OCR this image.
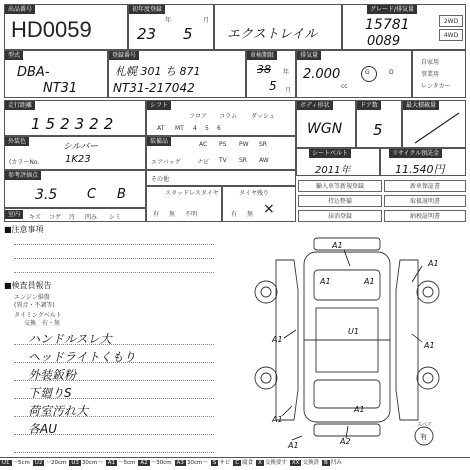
出品番号
HD0059
初年度登録
年	月
23 5	エクストレイル
グレード/排気量
15781
0089
2WD
4WD
型式
DBA-
NT31
登録番号
札幌 301 ち 871
NT31-217042
車検期限
38 年
5 月
排気量
2.000
cc
G	D
自家用
事業用
レンタカー
走行距離
152322
シフト
フロア コラム ダッシュ
AT MT 4 5 6
ボディ形状
WGN
ドア数
5
最大積載量
外装色
シルバー
(カラーNo.	1K23
装備品	AC PS PW SR
エアバッグ	ナビ TV SR AW
シートベルト
2011年
リサイクル預託金
11.540円
その他
参考評価点
3.5 C B	スタッドレスタイヤ
有 無 不明
タイヤ残り
有 無 ×
輸入車等新規登録
持込整備
抹消登録
新車保証書
取扱説明書
納税証明書
室内	キズ コゲ 汚 凹み シミ
■注意事項
■検査員報告
エンジン損傷
(異音・不調等)
タイミングベルト
交換　有・無
ハンドルスレ大
ヘッドライトくもり
外装鈑粉
下廻りS
荷室汚れ大
各AU
A1
A1	A1
A1
U1
A1
A1
A1
A2
A1
A1
スペア
有
U1 〜5cm U2 〜20cm U3 30cm〜 A1 〜5cm A2 〜30cm A3 30cm〜 S サビ C 腐食 X 交換要す XX 交換済 B 凹み
